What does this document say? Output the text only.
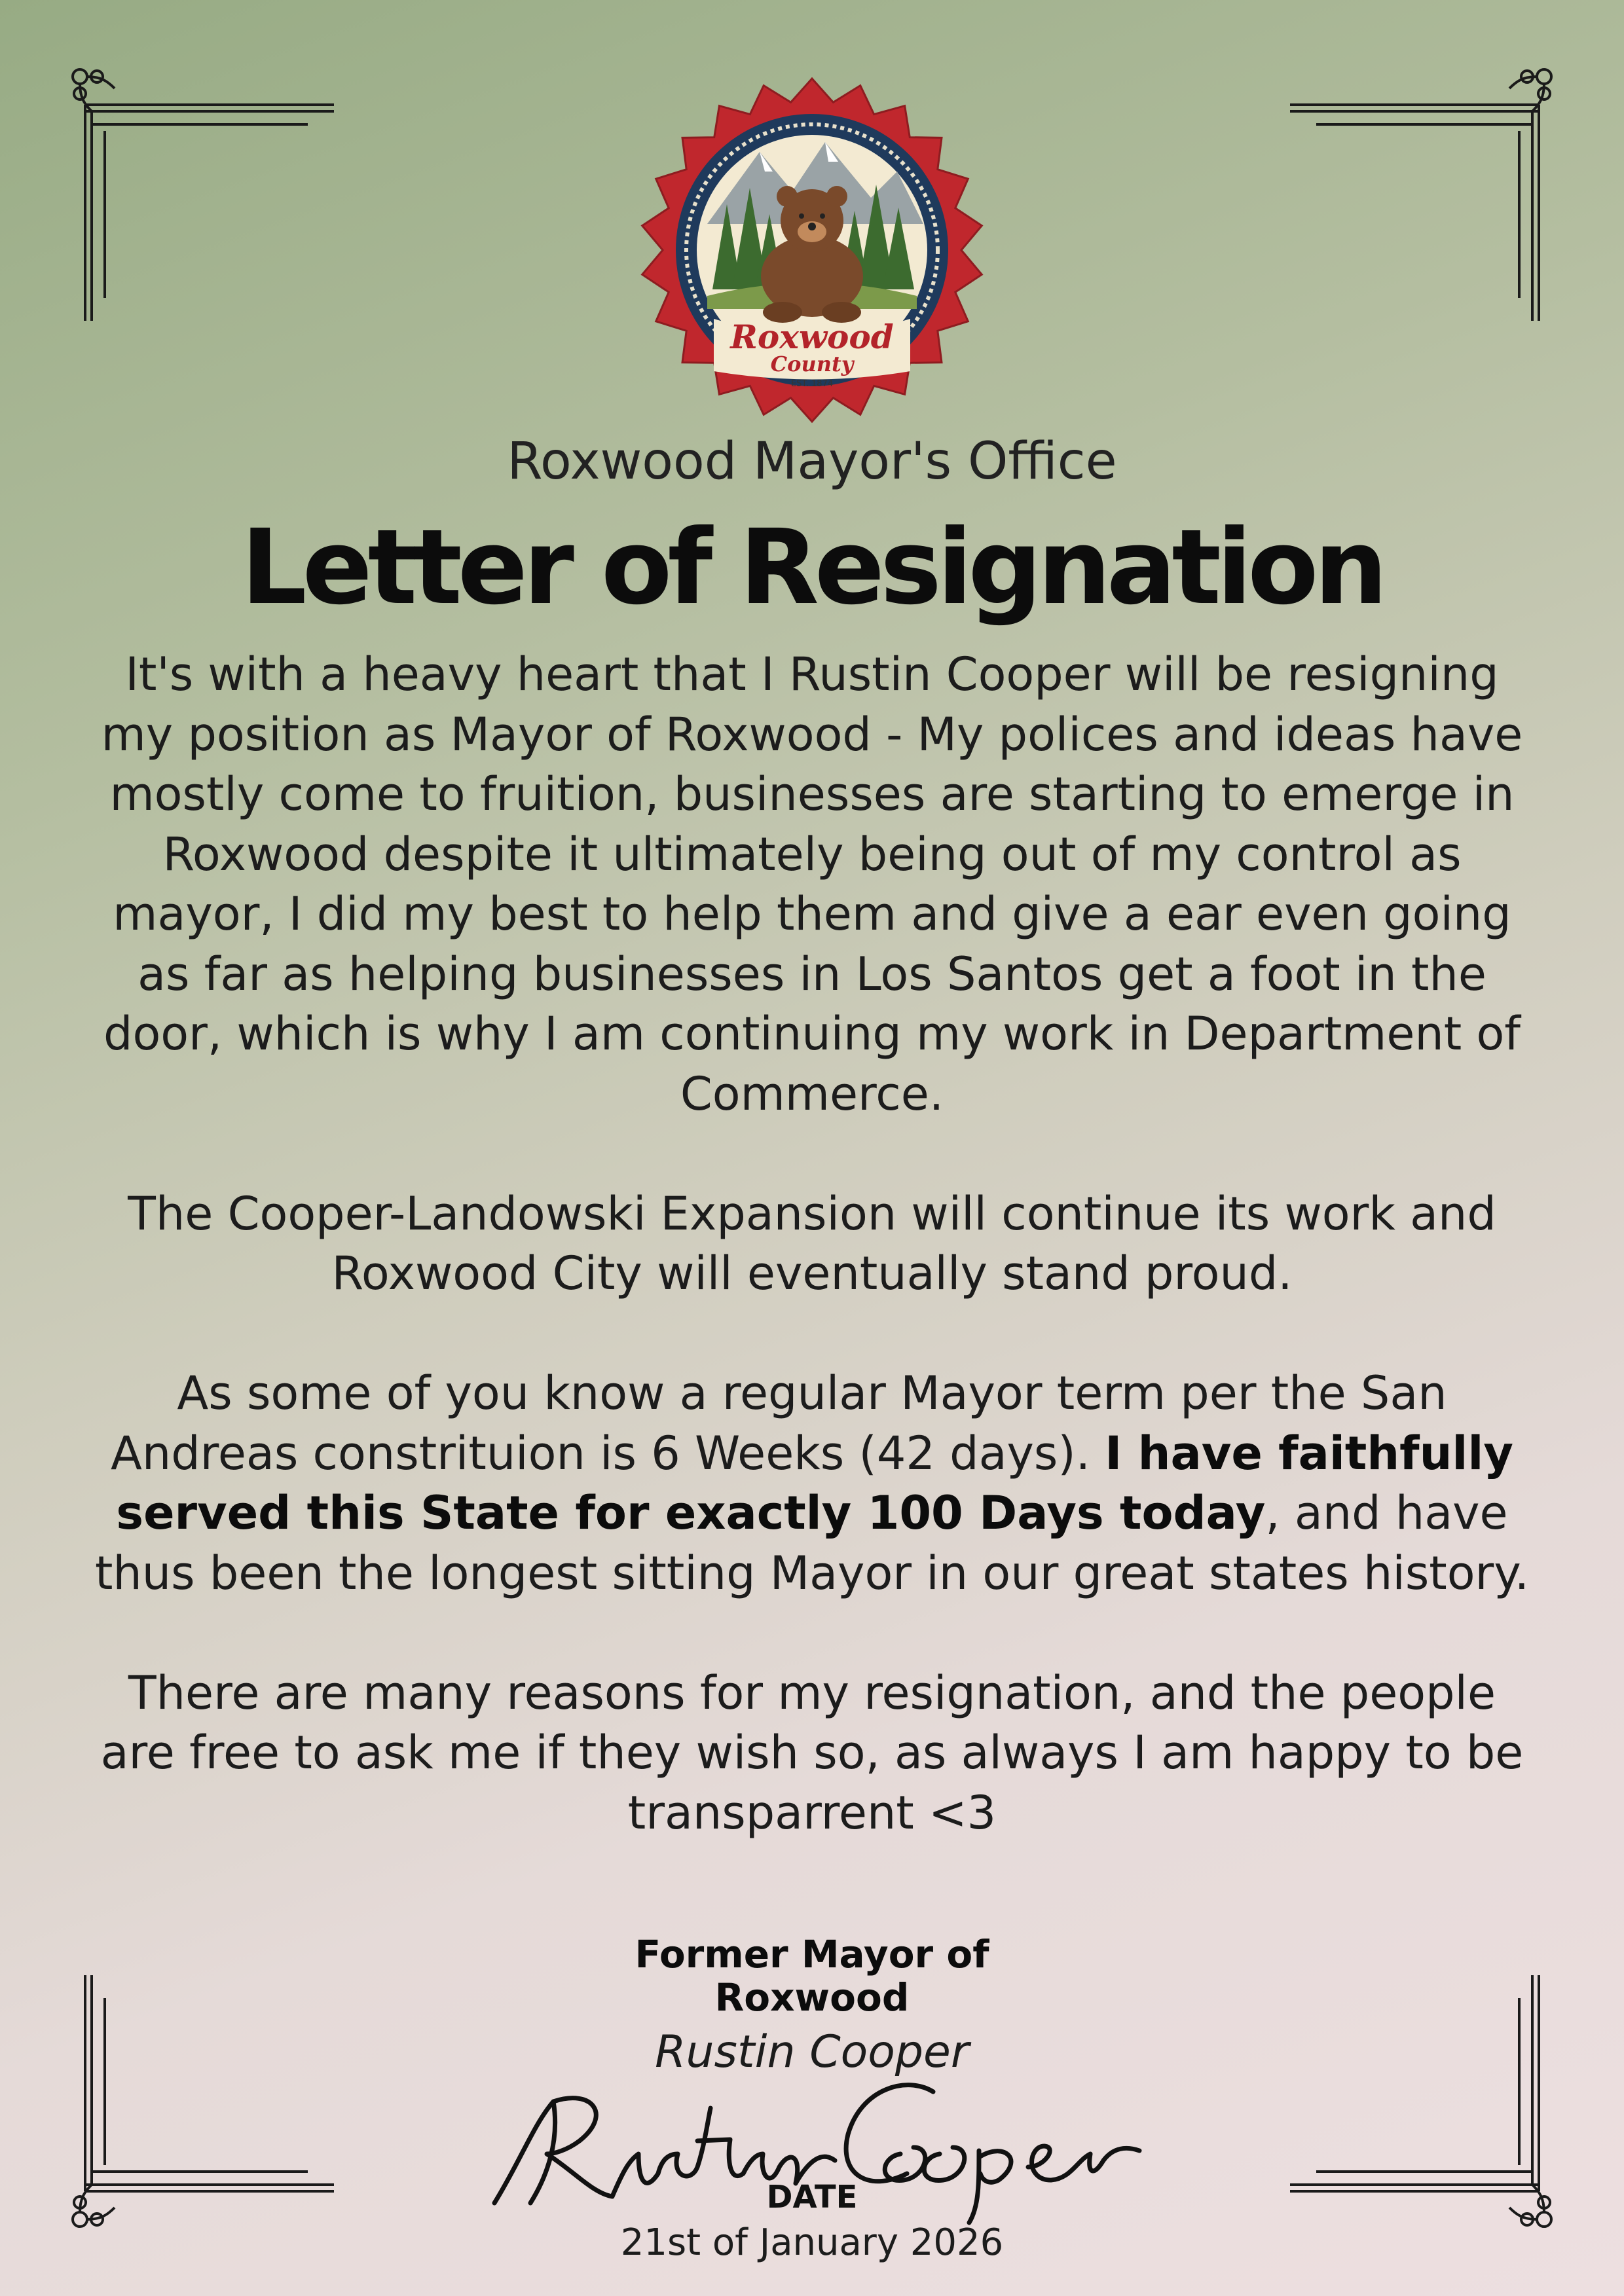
Roxwood
County
EST. 1874
Roxwood Mayor's Office
Letter of Resignation

It's with a heavy heart that I Rustin Cooper will be resigning my position as Mayor of Roxwood - My polices and ideas have mostly come to fruition, businesses are starting to emerge in Roxwood despite it ultimately being out of my control as mayor, I did my best to help them and give a ear even going as far as helping businesses in Los Santos get a foot in the door, which is why I am continuing my work in Department of Commerce.

The Cooper-Landowski Expansion will continue its work and Roxwood City will eventually stand proud.

As some of you know a regular Mayor term per the San Andreas constrituion is 6 Weeks (42 days). I have faithfully served this State for exactly 100 Days today, and have thus been the longest sitting Mayor in our great states history.

There are many reasons for my resignation, and the people are free to ask me if they wish so, as always I am happy to be transparrent <3

Former Mayor of
Roxwood
Rustin Cooper
DATE
21st of January 2026
